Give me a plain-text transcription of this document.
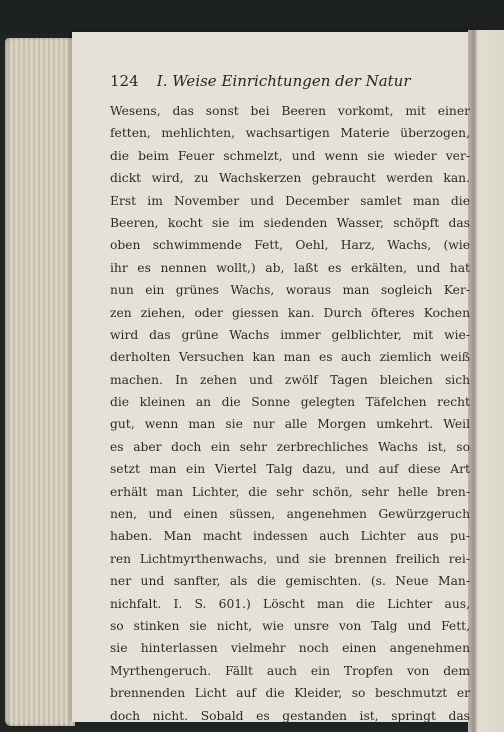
124 I. Weise Einrichtungen der Natur
Wesens, das sonst bei Beeren vorkomt, mit einer
fetten, mehlichten, wachsartigen Materie überzogen,
die beim Feuer schmelzt, und wenn sie wieder ver-
dickt wird, zu Wachskerzen gebraucht werden kan.
Erst im November und December samlet man die
Beeren, kocht sie im siedenden Wasser, schöpft das
oben schwimmende Fett, Oehl, Harz, Wachs, (wie
ihr es nennen wollt,) ab, laßt es erkälten, und hat
nun ein grünes Wachs, woraus man sogleich Ker-
zen ziehen, oder giessen kan. Durch öfteres Kochen
wird das grüne Wachs immer gelblichter, mit wie-
derholten Versuchen kan man es auch ziemlich weiß
machen. In zehen und zwölf Tagen bleichen sich
die kleinen an die Sonne gelegten Täfelchen recht
gut, wenn man sie nur alle Morgen umkehrt. Weil
es aber doch ein sehr zerbrechliches Wachs ist, so
setzt man ein Viertel Talg dazu, und auf diese Art
erhält man Lichter, die sehr schön, sehr helle bren-
nen, und einen süssen, angenehmen Gewürzgeruch
haben. Man macht indessen auch Lichter aus pu-
ren Lichtmyrthenwachs, und sie brennen freilich rei-
ner und sanfter, als die gemischten. (s. Neue Man-
nichfalt. I. S. 601.) Löscht man die Lichter aus,
so stinken sie nicht, wie unsre von Talg und Fett,
sie hinterlassen vielmehr noch einen angenehmen
Myrthengeruch. Fällt auch ein Tropfen von dem
brennenden Licht auf die Kleider, so beschmutzt er
doch nicht. Sobald es gestanden ist, springt das
